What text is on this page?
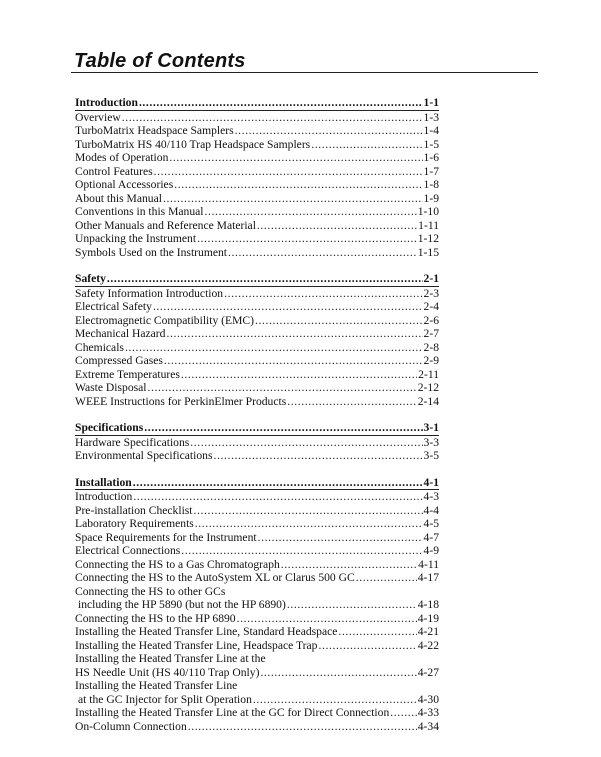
Table of Contents
Introduction .....	1-1
Overview .....	1-3
TurboMatrix Headspace Samplers .....	1-4
TurboMatrix HS 40/110 Trap Headspace Samplers .....	1-5
Modes of Operation .....	1-6
Control Features .....	1-7
Optional Accessories .....	1-8
About this Manual .....	1-9
Conventions in this Manual .....	1-10
Other Manuals and Reference Material .....	1-11
Unpacking the Instrument .....	1-12
Symbols Used on the Instrument .....	1-15
Safety .....	2-1
Safety Information Introduction .....	2-3
Electrical Safety .....	2-4
Electromagnetic Compatibility (EMC) .....	2-6
Mechanical Hazard .....	2-7
Chemicals .....	2-8
Compressed Gases .....	2-9
Extreme Temperatures .....	2-11
Waste Disposal .....	2-12
WEEE Instructions for PerkinElmer Products .....	2-14
Specifications .....	3-1
Hardware Specifications .....	3-3
Environmental Specifications .....	3-5
Installation .....	4-1
Introduction .....	4-3
Pre-installation Checklist .....	4-4
Laboratory Requirements .....	4-5
Space Requirements for the Instrument .....	4-7
Electrical Connections .....	4-9
Connecting the HS to a Gas Chromatograph .....	4-11
Connecting the HS to the AutoSystem XL or Clarus 500 GC .....	4-17
Connecting the HS to other GCs
including the HP 5890 (but not the HP 6890) .....	4-18
Connecting the HS to the HP 6890 .....	4-19
Installing the Heated Transfer Line, Standard Headspace .....	4-21
Installing the Heated Transfer Line, Headspace Trap .....	4-22
Installing the Heated Transfer Line at the
HS Needle Unit (HS 40/110 Trap Only) .....	4-27
Installing the Heated Transfer Line
at the GC Injector for Split Operation .....	4-30
Installing the Heated Transfer Line at the GC for Direct Connection ..... 4-33
On-Column Connection .....	4-34
